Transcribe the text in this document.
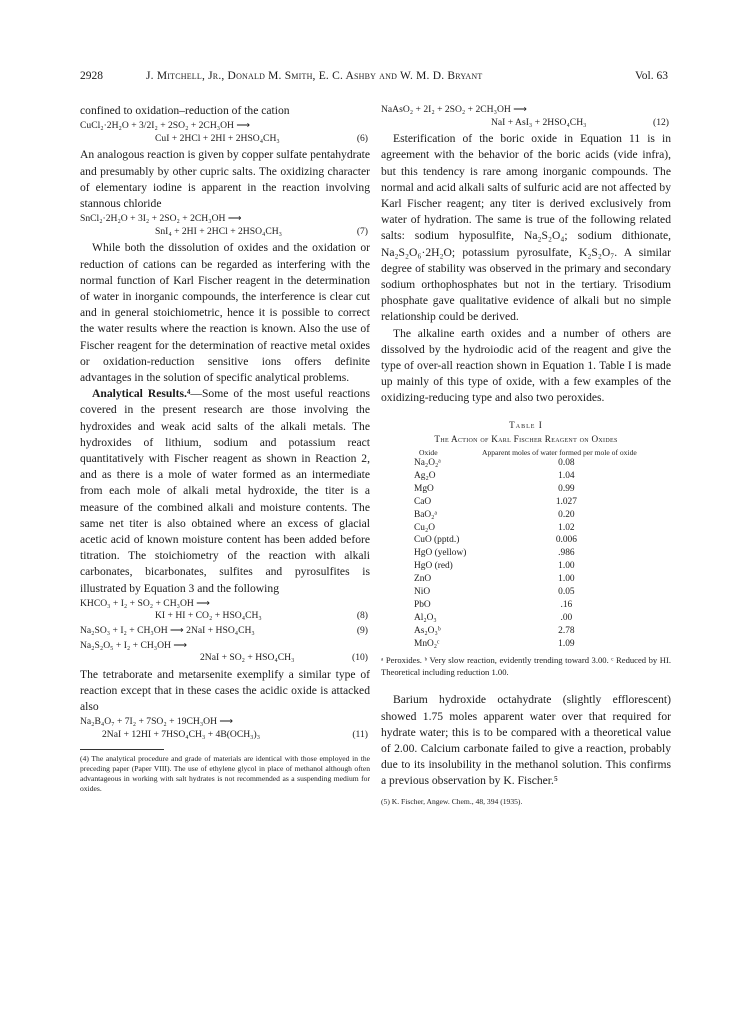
2928	J. Mitchell, Jr., Donald M. Smith, E. C. Ashby and W. M. D. Bryant	Vol. 63

confined to oxidation–reduction of the cation

CuCl₂·2H₂O + 3/2I₂ + 2SO₂ + 2CH₃OH ⟶
CuI + 2HCl + 2HI + 2HSO₄CH₃	(6)

An analogous reaction is given by copper sulfate pentahydrate and presumably by other cupric salts. The oxidizing character of elementary iodine is apparent in the reaction involving stannous chloride

SnCl₂·2H₂O + 3I₂ + 2SO₂ + 2CH₃OH ⟶
SnI₄ + 2HI + 2HCl + 2HSO₄CH₃	(7)

While both the dissolution of oxides and the oxidation or reduction of cations can be regarded as interfering with the normal function of Karl Fischer reagent in the determination of water in inorganic compounds, the interference is clear cut and in general stoichiometric, hence it is possible to correct the water results where the reaction is known. Also the use of Fischer reagent for the determination of reactive metal oxides or oxidation-reduction sensitive ions offers definite advantages in the solution of specific analytical problems.

Analytical Results.⁴—Some of the most useful reactions covered in the present research are those involving the hydroxides and weak acid salts of the alkali metals. The hydroxides of lithium, sodium and potassium react quantitatively with Fischer reagent as shown in Reaction 2, and as there is a mole of water formed as an intermediate from each mole of alkali metal hydroxide, the titer is a measure of the combined alkali and moisture contents. The same net titer is also obtained where an excess of glacial acetic acid of known moisture content has been added before titration. The stoichiometry of the reaction with alkali carbonates, bicarbonates, sulfites and pyrosulfites is illustrated by Equation 3 and the following

KHCO₃ + I₂ + SO₂ + CH₃OH ⟶
KI + HI + CO₂ + HSO₄CH₃	(8)
Na₂SO₃ + I₂ + CH₃OH ⟶ 2NaI + HSO₄CH₃	(9)
Na₂S₂O₅ + I₂ + CH₃OH ⟶
2NaI + SO₂ + HSO₄CH₃	(10)

The tetraborate and metarsenite exemplify a similar type of reaction except that in these cases the acidic oxide is attacked also

Na₂B₄O₇ + 7I₂ + 7SO₂ + 19CH₃OH ⟶
2NaI + 12HI + 7HSO₄CH₃ + 4B(OCH₃)₃	(11)

(4) The analytical procedure and grade of materials are identical with those employed in the preceding paper (Paper VIII). The use of ethylene glycol in place of methanol although often advantageous in working with salt hydrates is not recommended as a suspending medium for oxides.

NaAsO₂ + 2I₂ + 2SO₂ + 2CH₃OH ⟶
NaI + AsI₃ + 2HSO₄CH₃	(12)

Esterification of the boric oxide in Equation 11 is in agreement with the behavior of the boric acids (vide infra), but this tendency is rare among inorganic compounds. The normal and acid alkali salts of sulfuric acid are not affected by Karl Fischer reagent; any titer is derived exclusively from water of hydration. The same is true of the following related salts: sodium hyposulfite, Na₂S₂O₄; sodium dithionate, Na₂S₂O₆·2H₂O; potassium pyrosulfate, K₂S₂O₇. A similar degree of stability was observed in the primary and secondary sodium orthophosphates but not in the tertiary. Trisodium phosphate gave qualitative evidence of alkali but no simple relationship could be derived.

The alkaline earth oxides and a number of others are dissolved by the hydroiodic acid of the reagent and give the type of over-all reaction shown in Equation 1. Table I is made up mainly of this type of oxide, with a few examples of the oxidizing-reducing type and also two peroxides.

Table I
The Action of Karl Fischer Reagent on Oxides
Oxide	Apparent moles of water formed per mole of oxide
Na₂O₂ᵃ	0.08
Ag₂O	1.04
MgO	0.99
CaO	1.027
BaO₂ᵃ	0.20
Cu₂O	1.02
CuO (pptd.)	0.006
HgO (yellow)	.986
HgO (red)	1.00
ZnO	1.00
NiO	0.05
PbO	.16
Al₂O₃	.00
As₂O₃ᵇ	2.78
MnO₂ᶜ	1.09
ᵃ Peroxides. ᵇ Very slow reaction, evidently trending toward 3.00. ᶜ Reduced by HI. Theoretical including reduction 1.00.

Barium hydroxide octahydrate (slightly efflorescent) showed 1.75 moles apparent water over that required for hydrate water; this is to be compared with a theoretical value of 2.00. Calcium carbonate failed to give a reaction, probably due to its insolubility in the methanol solution. This confirms a previous observation by K. Fischer.⁵

(5) K. Fischer, Angew. Chem., 48, 394 (1935).
